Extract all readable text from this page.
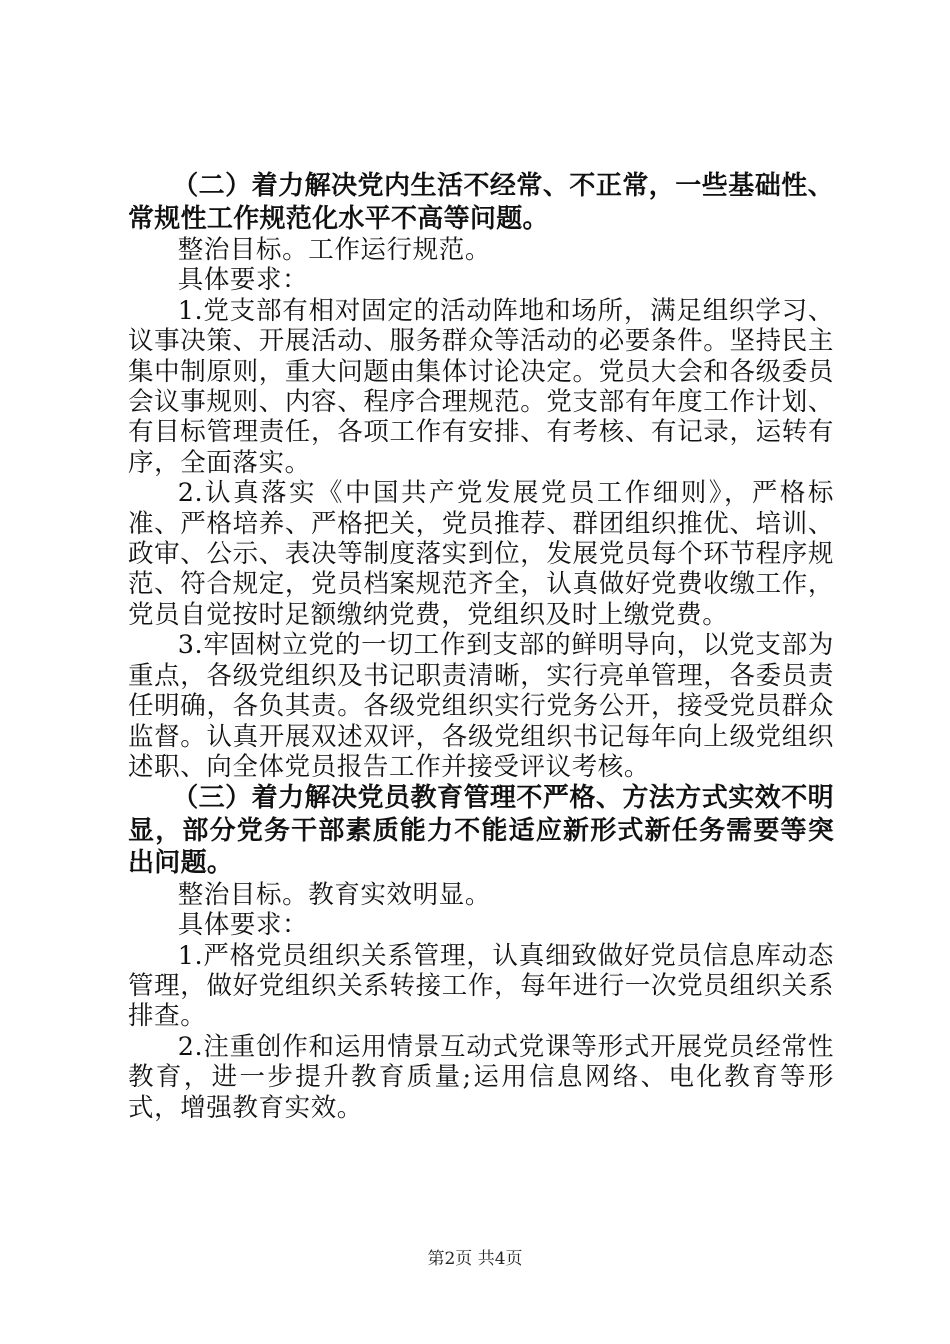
（二）着力解决党内生活不经常、不正常，一些基础性、常规性工作规范化水平不高等问题。

整治目标。工作运行规范。

具体要求：

1.党支部有相对固定的活动阵地和场所，满足组织学习、议事决策、开展活动、服务群众等活动的必要条件。坚持民主集中制原则，重大问题由集体讨论决定。党员大会和各级委员会议事规则、内容、程序合理规范。党支部有年度工作计划、有目标管理责任，各项工作有安排、有考核、有记录，运转有序，全面落实。

2.认真落实《中国共产党发展党员工作细则》，严格标准、严格培养、严格把关，党员推荐、群团组织推优、培训、政审、公示、表决等制度落实到位，发展党员每个环节程序规范、符合规定，党员档案规范齐全，认真做好党费收缴工作，党员自觉按时足额缴纳党费，党组织及时上缴党费。

3.牢固树立党的一切工作到支部的鲜明导向，以党支部为重点，各级党组织及书记职责清晰，实行亮单管理，各委员责任明确，各负其责。各级党组织实行党务公开，接受党员群众监督。认真开展双述双评，各级党组织书记每年向上级党组织述职、向全体党员报告工作并接受评议考核。

（三）着力解决党员教育管理不严格、方法方式实效不明显，部分党务干部素质能力不能适应新形式新任务需要等突出问题。

整治目标。教育实效明显。

具体要求：

1.严格党员组织关系管理，认真细致做好党员信息库动态管理，做好党组织关系转接工作，每年进行一次党员组织关系排查。

2.注重创作和运用情景互动式党课等形式开展党员经常性教育，进一步提升教育质量;运用信息网络、电化教育等形式，增强教育实效。

第2页 共4页
